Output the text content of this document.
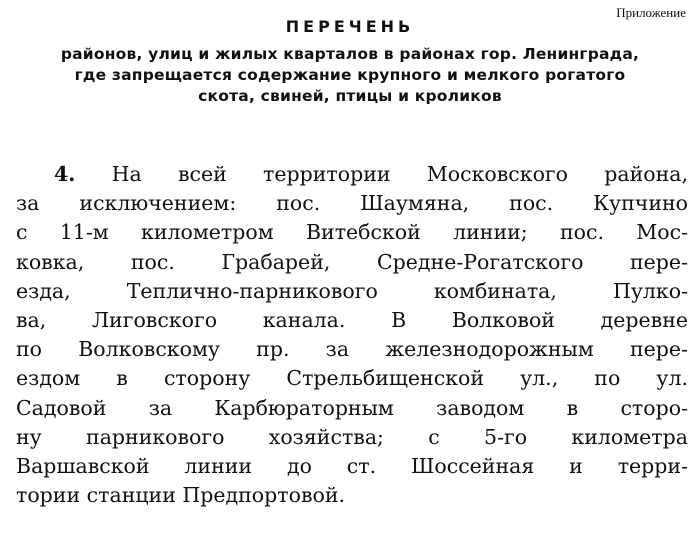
Приложение
ПЕРЕЧЕНЬ
районов, улиц и жилых кварталов в районах гор. Ленинграда,
где запрещается содержание крупного и мелкого рогатого
скота, свиней, птицы и кроликов
4. На всей территории Московского района,
за исключением: пос. Шаумяна, пос. Купчино
с 11-м километром Витебской линии; пос. Мос-
ковка, пос. Грабарей, Средне-Рогатского пере-
езда, Теплично-парникового комбината, Пулко-
ва, Лиговского канала. В Волковой деревне
по Волковскому пр. за железнодорожным пере-
ездом в сторону Стрельбищенской ул., по ул.
Садовой за Карбюраторным заводом в сторо-
ну парникового хозяйства; с 5-го километра
Варшавской линии до ст. Шоссейная и терри-
тории станции Предпортовой.
